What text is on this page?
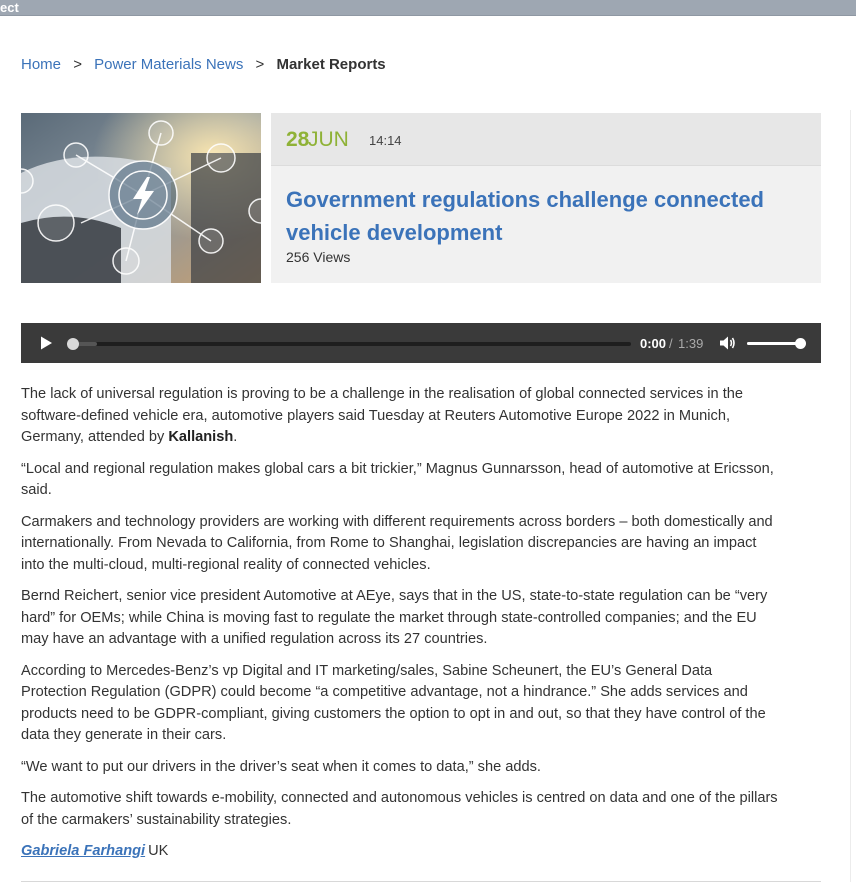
ect
Home > Power Materials News > Market Reports
28
JUN 14:14
Government regulations challenge connected vehicle development
256 Views
0:00 / 1:39

The lack of universal regulation is proving to be a challenge in the realisation of global connected services in the software-defined vehicle era, automotive players said Tuesday at Reuters Automotive Europe 2022 in Munich, Germany, attended by Kallanish.

“Local and regional regulation makes global cars a bit trickier,” Magnus Gunnarsson, head of automotive at Ericsson, said.

Carmakers and technology providers are working with different requirements across borders – both domestically and internationally. From Nevada to California, from Rome to Shanghai, legislation discrepancies are having an impact into the multi-cloud, multi-regional reality of connected vehicles.

Bernd Reichert, senior vice president Automotive at AEye, says that in the US, state-to-state regulation can be “very hard” for OEMs; while China is moving fast to regulate the market through state-controlled companies; and the EU may have an advantage with a unified regulation across its 27 countries.

According to Mercedes-Benz’s vp Digital and IT marketing/sales, Sabine Scheunert, the EU’s General Data Protection Regulation (GDPR) could become “a competitive advantage, not a hindrance.” She adds services and products need to be GDPR-compliant, giving customers the option to opt in and out, so that they have control of the data they generate in their cars.

“We want to put our drivers in the driver’s seat when it comes to data,” she adds.

The automotive shift towards e-mobility, connected and autonomous vehicles is centred on data and one of the pillars of the carmakers’ sustainability strategies.

Gabriela Farhangi UK
